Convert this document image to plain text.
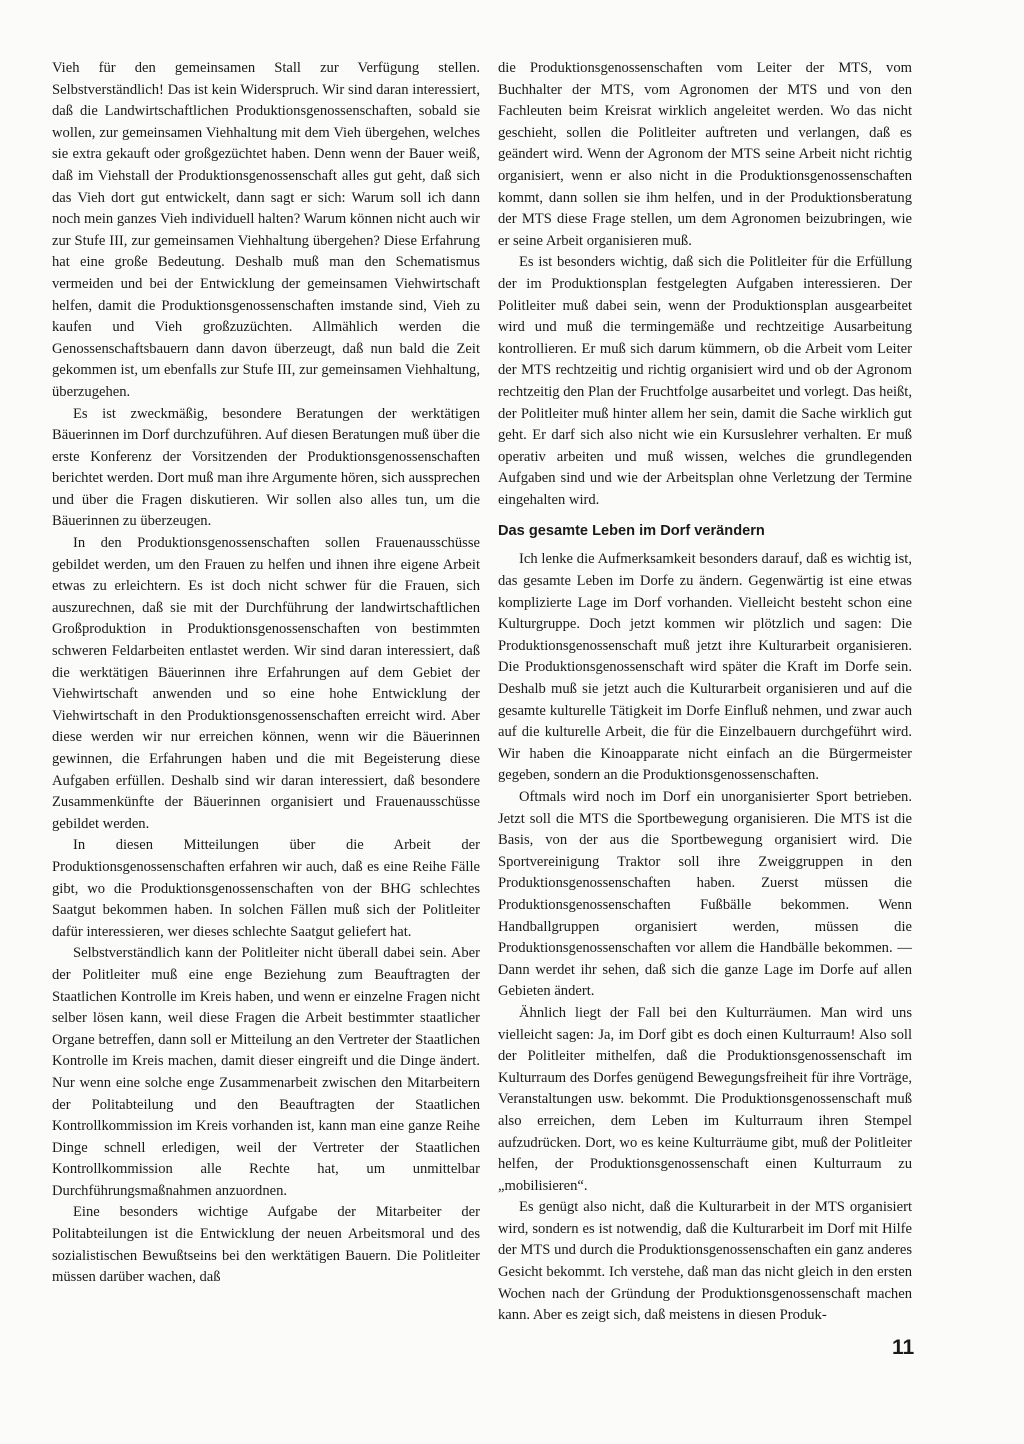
Vieh für den gemeinsamen Stall zur Verfügung stellen. Selbstverständlich! Das ist kein Widerspruch. Wir sind daran interessiert, daß die Landwirtschaftlichen Produktionsgenossenschaften, sobald sie wollen, zur gemeinsamen Viehhaltung mit dem Vieh übergehen, welches sie extra gekauft oder großgezüchtet haben. Denn wenn der Bauer weiß, daß im Viehstall der Produktionsgenossenschaft alles gut geht, daß sich das Vieh dort gut entwickelt, dann sagt er sich: Warum soll ich dann noch mein ganzes Vieh individuell halten? Warum können nicht auch wir zur Stufe III, zur gemeinsamen Viehhaltung übergehen? Diese Erfahrung hat eine große Bedeutung. Deshalb muß man den Schematismus vermeiden und bei der Entwicklung der gemeinsamen Viehwirtschaft helfen, damit die Produktionsgenossenschaften imstande sind, Vieh zu kaufen und Vieh großzuzüchten. Allmählich werden die Genossenschaftsbauern dann davon überzeugt, daß nun bald die Zeit gekommen ist, um ebenfalls zur Stufe III, zur gemeinsamen Viehhaltung, überzugehen.

Es ist zweckmäßig, besondere Beratungen der werktätigen Bäuerinnen im Dorf durchzuführen. Auf diesen Beratungen muß über die erste Konferenz der Vorsitzenden der Produktionsgenossenschaften berichtet werden. Dort muß man ihre Argumente hören, sich aussprechen und über die Fragen diskutieren. Wir sollen also alles tun, um die Bäuerinnen zu überzeugen.

In den Produktionsgenossenschaften sollen Frauenausschüsse gebildet werden, um den Frauen zu helfen und ihnen ihre eigene Arbeit etwas zu erleichtern. Es ist doch nicht schwer für die Frauen, sich auszurechnen, daß sie mit der Durchführung der landwirtschaftlichen Großproduktion in Produktionsgenossenschaften von bestimmten schweren Feldarbeiten entlastet werden. Wir sind daran interessiert, daß die werktätigen Bäuerinnen ihre Erfahrungen auf dem Gebiet der Viehwirtschaft anwenden und so eine hohe Entwicklung der Viehwirtschaft in den Produktionsgenossenschaften erreicht wird. Aber diese werden wir nur erreichen können, wenn wir die Bäuerinnen gewinnen, die Erfahrungen haben und die mit Begeisterung diese Aufgaben erfüllen. Deshalb sind wir daran interessiert, daß besondere Zusammenkünfte der Bäuerinnen organisiert und Frauenausschüsse gebildet werden.

In diesen Mitteilungen über die Arbeit der Produktionsgenossenschaften erfahren wir auch, daß es eine Reihe Fälle gibt, wo die Produktionsgenossenschaften von der BHG schlechtes Saatgut bekommen haben. In solchen Fällen muß sich der Politleiter dafür interessieren, wer dieses schlechte Saatgut geliefert hat.

Selbstverständlich kann der Politleiter nicht überall dabei sein. Aber der Politleiter muß eine enge Beziehung zum Beauftragten der Staatlichen Kontrolle im Kreis haben, und wenn er einzelne Fragen nicht selber lösen kann, weil diese Fragen die Arbeit bestimmter staatlicher Organe betreffen, dann soll er Mitteilung an den Vertreter der Staatlichen Kontrolle im Kreis machen, damit dieser eingreift und die Dinge ändert. Nur wenn eine solche enge Zusammenarbeit zwischen den Mitarbeitern der Politabteilung und den Beauftragten der Staatlichen Kontrollkommission im Kreis vorhanden ist, kann man eine ganze Reihe Dinge schnell erledigen, weil der Vertreter der Staatlichen Kontrollkommission alle Rechte hat, um unmittelbar Durchführungsmaßnahmen anzuordnen.

Eine besonders wichtige Aufgabe der Mitarbeiter der Politabteilungen ist die Entwicklung der neuen Arbeitsmoral und des sozialistischen Bewußtseins bei den werktätigen Bauern. Die Politleiter müssen darüber wachen, daß

die Produktionsgenossenschaften vom Leiter der MTS, vom Buchhalter der MTS, vom Agronomen der MTS und von den Fachleuten beim Kreisrat wirklich angeleitet werden. Wo das nicht geschieht, sollen die Politleiter auftreten und verlangen, daß es geändert wird. Wenn der Agronom der MTS seine Arbeit nicht richtig organisiert, wenn er also nicht in die Produktionsgenossenschaften kommt, dann sollen sie ihm helfen, und in der Produktionsberatung der MTS diese Frage stellen, um dem Agronomen beizubringen, wie er seine Arbeit organisieren muß.

Es ist besonders wichtig, daß sich die Politleiter für die Erfüllung der im Produktionsplan festgelegten Aufgaben interessieren. Der Politleiter muß dabei sein, wenn der Produktionsplan ausgearbeitet wird und muß die termingemäße und rechtzeitige Ausarbeitung kontrollieren. Er muß sich darum kümmern, ob die Arbeit vom Leiter der MTS rechtzeitig und richtig organisiert wird und ob der Agronom rechtzeitig den Plan der Fruchtfolge ausarbeitet und vorlegt. Das heißt, der Politleiter muß hinter allem her sein, damit die Sache wirklich gut geht. Er darf sich also nicht wie ein Kursuslehrer verhalten. Er muß operativ arbeiten und muß wissen, welches die grundlegenden Aufgaben sind und wie der Arbeitsplan ohne Verletzung der Termine eingehalten wird.

Das gesamte Leben im Dorf verändern

Ich lenke die Aufmerksamkeit besonders darauf, daß es wichtig ist, das gesamte Leben im Dorfe zu ändern. Gegenwärtig ist eine etwas komplizierte Lage im Dorf vorhanden. Vielleicht besteht schon eine Kulturgruppe. Doch jetzt kommen wir plötzlich und sagen: Die Produktionsgenossenschaft muß jetzt ihre Kulturarbeit organisieren. Die Produktionsgenossenschaft wird später die Kraft im Dorfe sein. Deshalb muß sie jetzt auch die Kulturarbeit organisieren und auf die gesamte kulturelle Tätigkeit im Dorfe Einfluß nehmen, und zwar auch auf die kulturelle Arbeit, die für die Einzelbauern durchgeführt wird. Wir haben die Kinoapparate nicht einfach an die Bürgermeister gegeben, sondern an die Produktionsgenossenschaften.

Oftmals wird noch im Dorf ein unorganisierter Sport betrieben. Jetzt soll die MTS die Sportbewegung organisieren. Die MTS ist die Basis, von der aus die Sportbewegung organisiert wird. Die Sportvereinigung Traktor soll ihre Zweiggruppen in den Produktionsgenossenschaften haben. Zuerst müssen die Produktionsgenossenschaften Fußbälle bekommen. Wenn Handballgruppen organisiert werden, müssen die Produktionsgenossenschaften vor allem die Handbälle bekommen. — Dann werdet ihr sehen, daß sich die ganze Lage im Dorfe auf allen Gebieten ändert.

Ähnlich liegt der Fall bei den Kulturräumen. Man wird uns vielleicht sagen: Ja, im Dorf gibt es doch einen Kulturraum! Also soll der Politleiter mithelfen, daß die Produktionsgenossenschaft im Kulturraum des Dorfes genügend Bewegungsfreiheit für ihre Vorträge, Veranstaltungen usw. bekommt. Die Produktionsgenossenschaft muß also erreichen, dem Leben im Kulturraum ihren Stempel aufzudrücken. Dort, wo es keine Kulturräume gibt, muß der Politleiter helfen, der Produktionsgenossenschaft einen Kulturraum zu „mobilisieren“.

Es genügt also nicht, daß die Kulturarbeit in der MTS organisiert wird, sondern es ist notwendig, daß die Kulturarbeit im Dorf mit Hilfe der MTS und durch die Produktionsgenossenschaften ein ganz anderes Gesicht bekommt. Ich verstehe, daß man das nicht gleich in den ersten Wochen nach der Gründung der Produktionsgenossenschaft machen kann. Aber es zeigt sich, daß meistens in diesen Produk-

11
